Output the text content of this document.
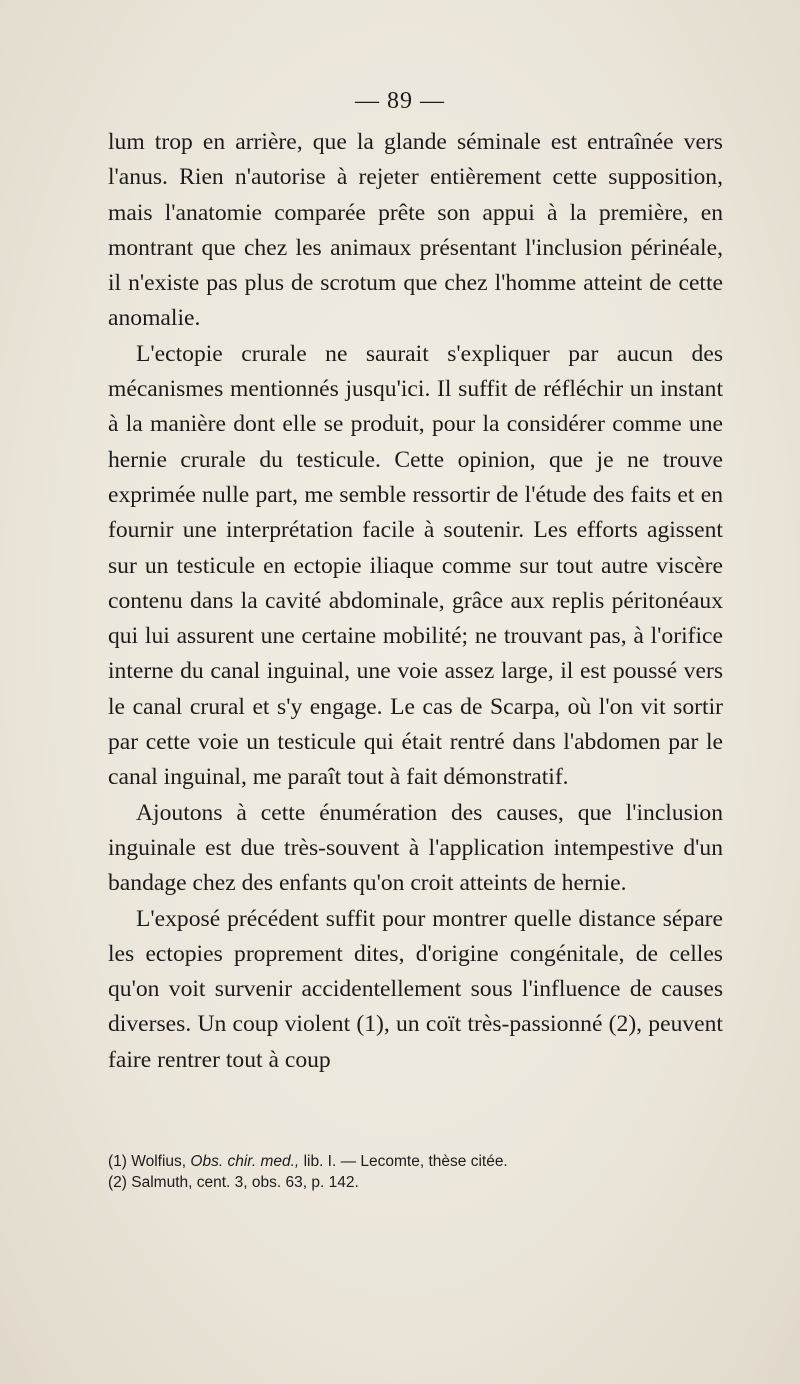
— 89 —

lum trop en arrière, que la glande séminale est entraînée vers l'anus. Rien n'autorise à rejeter entièrement cette supposition, mais l'anatomie comparée prête son appui à la première, en montrant que chez les animaux présentant l'inclusion périnéale, il n'existe pas plus de scrotum que chez l'homme atteint de cette anomalie.

L'ectopie crurale ne saurait s'expliquer par aucun des mécanismes mentionnés jusqu'ici. Il suffit de réfléchir un instant à la manière dont elle se produit, pour la considérer comme une hernie crurale du testicule. Cette opinion, que je ne trouve exprimée nulle part, me semble ressortir de l'étude des faits et en fournir une interprétation facile à soutenir. Les efforts agissent sur un testicule en ectopie iliaque comme sur tout autre viscère contenu dans la cavité abdominale, grâce aux replis péritonéaux qui lui assurent une certaine mobilité; ne trouvant pas, à l'orifice interne du canal inguinal, une voie assez large, il est poussé vers le canal crural et s'y engage. Le cas de Scarpa, où l'on vit sortir par cette voie un testicule qui était rentré dans l'abdomen par le canal inguinal, me paraît tout à fait démonstratif.

Ajoutons à cette énumération des causes, que l'inclusion inguinale est due très-souvent à l'application intempestive d'un bandage chez des enfants qu'on croit atteints de hernie.

L'exposé précédent suffit pour montrer quelle distance sépare les ectopies proprement dites, d'origine congénitale, de celles qu'on voit survenir accidentellement sous l'influence de causes diverses. Un coup violent (1), un coït très-passionné (2), peuvent faire rentrer tout à coup

(1) Wolfius, Obs. chir. med., lib. I. — Lecomte, thèse citée.
(2) Salmuth, cent. 3, obs. 63, p. 142.
